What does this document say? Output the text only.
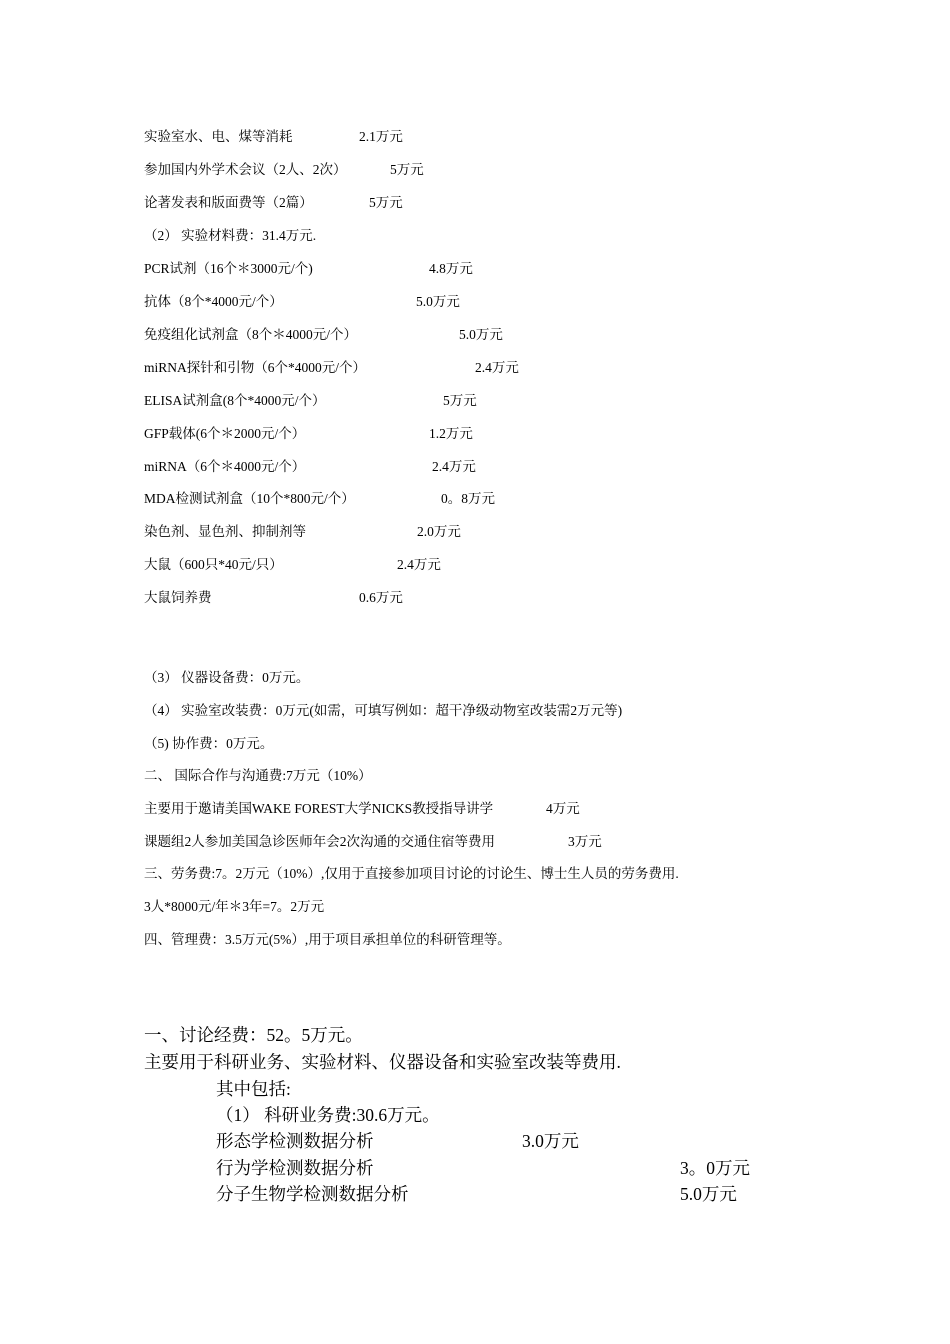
实验室水、电、煤等消耗	2.1万元
参加国内外学术会议（2人、2次）	5万元
论著发表和版面费等（2篇）	5万元
（2） 实验材料费：31.4万元.
PCR试剂（16个＊3000元/个)	4.8万元
抗体（8个*4000元/个）	5.0万元
免疫组化试剂盒（8个＊4000元/个）	5.0万元
miRNA探针和引物（6个*4000元/个）	2.4万元
ELISA试剂盒(8个*4000元/个）	5万元
GFP载体(6个＊2000元/个）	1.2万元
miRNA（6个＊4000元/个）	2.4万元
MDA检测试剂盒（10个*800元/个）	0。8万元
染色剂、显色剂、抑制剂等	2.0万元
大鼠（600只*40元/只）	2.4万元
大鼠饲养费	0.6万元
（3） 仪器设备费：0万元。
（4） 实验室改装费：0万元(如需，可填写例如：超干净级动物室改装需2万元等)
（5) 协作费：0万元。
二、 国际合作与沟通费:7万元（10%）
主要用于邀请美国WAKE FOREST大学NICKS教授指导讲学	4万元
课题组2人参加美国急诊医师年会2次沟通的交通住宿等费用	3万元
三、劳务费:7。2万元（10%）,仅用于直接参加项目讨论的讨论生、博士生人员的劳务费用.
3人*8000元/年＊3年=7。2万元
四、管理费：3.5万元(5%）,用于项目承担单位的科研管理等。
一、讨论经费：52。5万元。
主要用于科研业务、实验材料、仪器设备和实验室改装等费用.
其中包括:
（1） 科研业务费:30.6万元。
形态学检测数据分析	3.0万元
行为学检测数据分析	3。0万元
分子生物学检测数据分析	5.0万元
